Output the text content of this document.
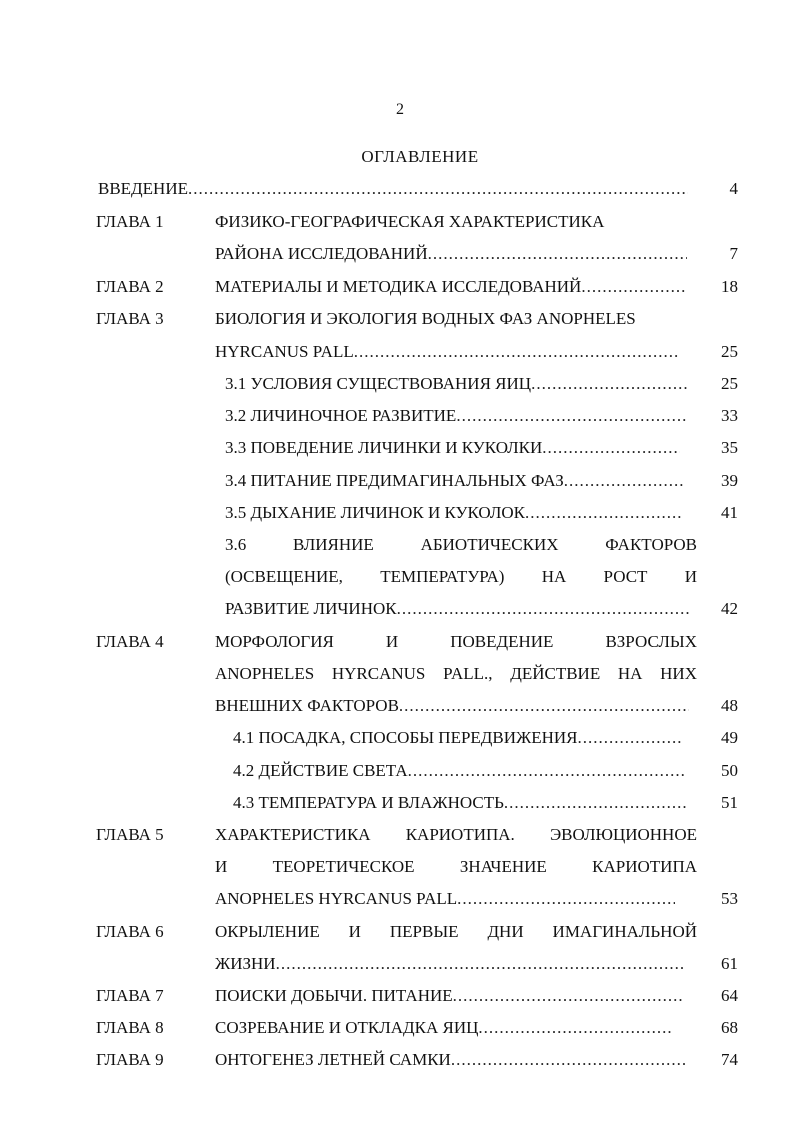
2
ОГЛАВЛЕНИЕ
ВВЕДЕНИЕ .....	4
ГЛАВА 1	ФИЗИКО-ГЕОГРАФИЧЕСКАЯ ХАРАКТЕРИСТИКА
РАЙОНА ИССЛЕДОВАНИЙ .....	7
ГЛАВА 2	МАТЕРИАЛЫ И МЕТОДИКА ИССЛЕДОВАНИЙ .....	18
ГЛАВА 3	БИОЛОГИЯ И ЭКОЛОГИЯ ВОДНЫХ ФАЗ ANOPHELES
HYRCANUS PALL .....	25
3.1 УСЛОВИЯ СУЩЕСТВОВАНИЯ ЯИЦ .....	25
3.2 ЛИЧИНОЧНОЕ РАЗВИТИЕ .....	33
3.3 ПОВЕДЕНИЕ ЛИЧИНКИ И КУКОЛКИ .....	35
3.4 ПИТАНИЕ ПРЕДИМАГИНАЛЬНЫХ ФАЗ .....	39
3.5 ДЫХАНИЕ ЛИЧИНОК И КУКОЛОК .....	41
3.6 ВЛИЯНИЕ АБИОТИЧЕСКИХ ФАКТОРОВ
(ОСВЕЩЕНИЕ, ТЕМПЕРАТУРА) НА РОСТ И
РАЗВИТИЕ ЛИЧИНОК .....	42
ГЛАВА 4	МОРФОЛОГИЯ И ПОВЕДЕНИЕ ВЗРОСЛЫХ
ANOPHELES HYRCANUS PALL., ДЕЙСТВИЕ НА НИХ
ВНЕШНИХ ФАКТОРОВ .....	48
4.1 ПОСАДКА, СПОСОБЫ ПЕРЕДВИЖЕНИЯ .....	49
4.2 ДЕЙСТВИЕ СВЕТА .....	50
4.3 ТЕМПЕРАТУРА И ВЛАЖНОСТЬ .....	51
ГЛАВА 5	ХАРАКТЕРИСТИКА КАРИОТИПА. ЭВОЛЮЦИОННОЕ
И ТЕОРЕТИЧЕСКОЕ ЗНАЧЕНИЕ КАРИОТИПА
ANOPHELES HYRCANUS PALL .....	53
ГЛАВА 6	ОКРЫЛЕНИЕ И ПЕРВЫЕ ДНИ ИМАГИНАЛЬНОЙ
ЖИЗНИ .....	61
ГЛАВА 7	ПОИСКИ ДОБЫЧИ. ПИТАНИЕ .....	64
ГЛАВА 8	СОЗРЕВАНИЕ И ОТКЛАДКА ЯИЦ .....	68
ГЛАВА 9	ОНТОГЕНЕЗ ЛЕТНЕЙ САМКИ .....	74
